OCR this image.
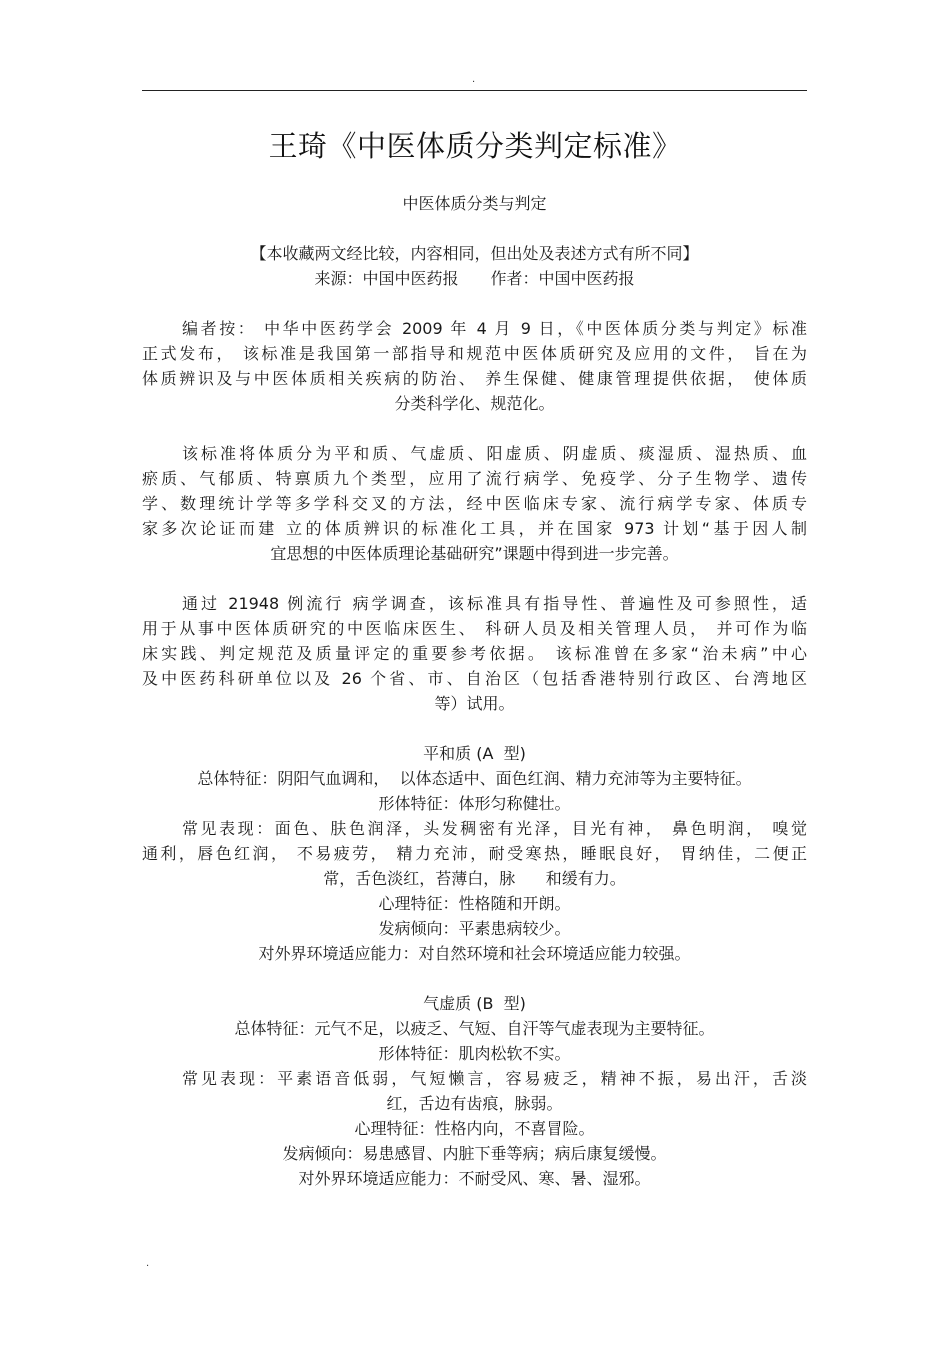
.
王琦《中医体质分类判定标准》
中医体质分类与判定
【本收藏两文经比较，内容相同，但出处及表述方式有所不同】
来源：中国中医药报　　作者：中国中医药报
编者按： 中华中医药学会 2009 年 4 月 9 日，《中医体质分类与判定》标准
正式发布， 该标准是我国第一部指导和规范中医体质研究及应用的文件， 旨在为
体质辨识及与中医体质相关疾病的防治、 养生保健、健康管理提供依据， 使体质
分类科学化、规范化。
该标准将体质分为平和质、气虚质、阳虚质、阴虚质、痰湿质、湿热质、血
瘀质、气郁质、特禀质九个类型，应用了流行病学、免疫学、分子生物学、遗传
学、数理统计学等多学科交叉的方法，经中医临床专家、流行病学专家、体质专
家多次论证而建 立的体质辨识的标准化工具，并在国家 973 计划“基于因人制
宜思想的中医体质理论基础研究”课题中得到进一步完善。
通过 21948 例流行 病学调查，该标准具有指导性、普遍性及可参照性，适
用于从事中医体质研究的中医临床医生、 科研人员及相关管理人员， 并可作为临
床实践、判定规范及质量评定的重要参考依据。 该标准曾在多家“治未病”中心
及中医药科研单位以及 26 个省、市、自治区（包括香港特别行政区、台湾地区
等）试用。
平和质 (A  型)
总体特征：阴阳气血调和，  以体态适中、面色红润、精力充沛等为主要特征。
形体特征：体形匀称健壮。
常见表现：面色、肤色润泽，头发稠密有光泽，目光有神， 鼻色明润， 嗅觉
通利，唇色红润， 不易疲劳， 精力充沛，耐受寒热，睡眠良好， 胃纳佳，二便正
常，舌色淡红，苔薄白，脉      和缓有力。
心理特征：性格随和开朗。
发病倾向：平素患病较少。
对外界环境适应能力：对自然环境和社会环境适应能力较强。
气虚质 (B  型)
总体特征：元气不足，以疲乏、气短、自汗等气虚表现为主要特征。
形体特征：肌肉松软不实。
常见表现：平素语音低弱，气短懒言，容易疲乏，精神不振，易出汗，舌淡
红，舌边有齿痕，脉弱。
心理特征：性格内向，不喜冒险。
发病倾向：易患感冒、内脏下垂等病；病后康复缓慢。
对外界环境适应能力：不耐受风、寒、暑、湿邪。
.
